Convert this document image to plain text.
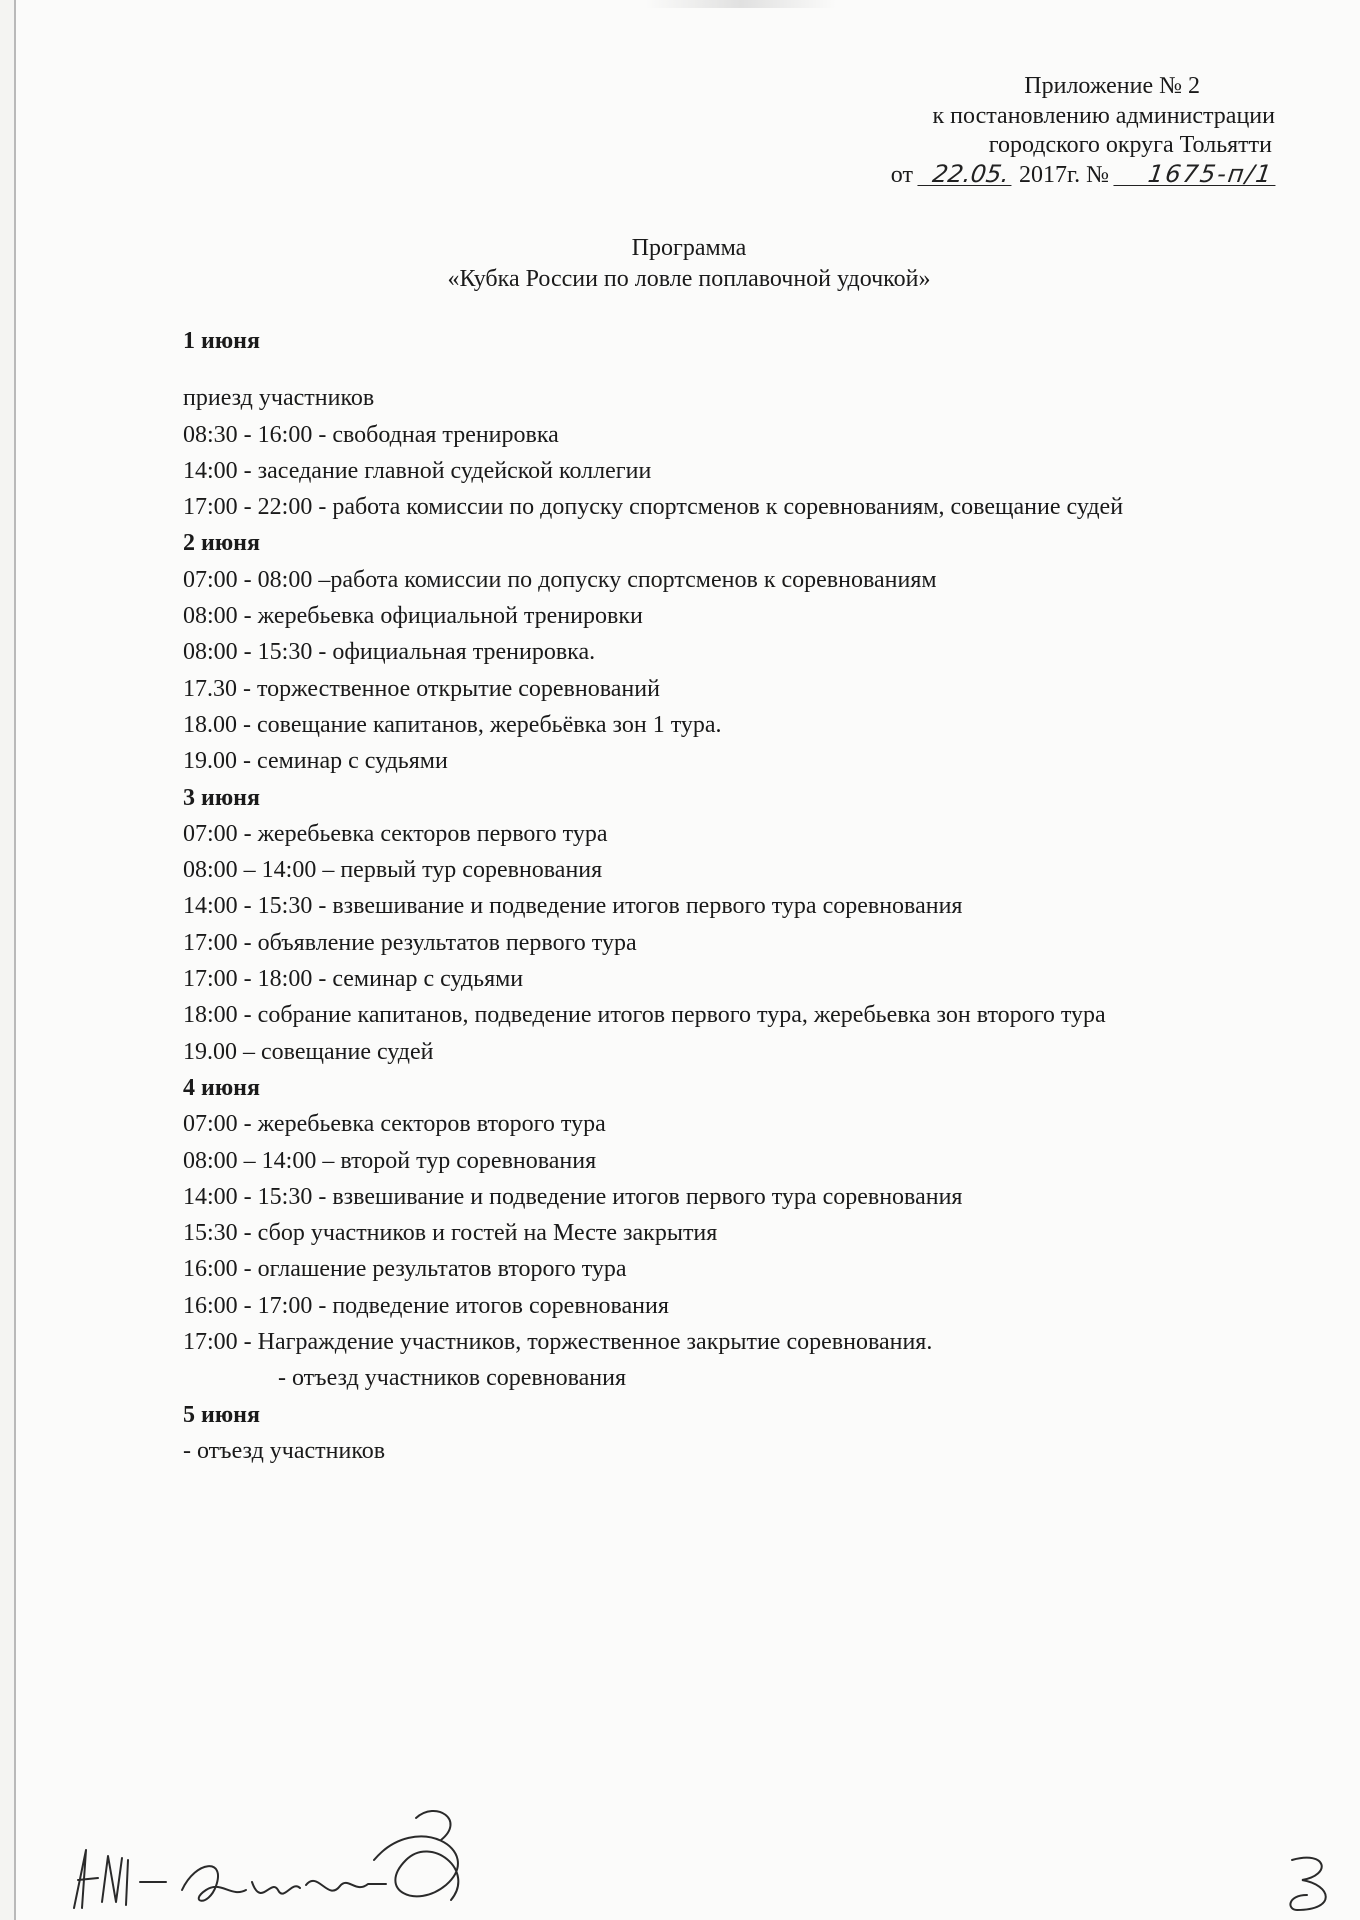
Приложение № 2
к постановлению администрации
городского округа Тольятти
от 22.05. 2017г. № 1675-п/1
Программа
«Кубка России по ловле поплавочной удочкой»
1 июня
приезд участников
08:30 - 16:00 - свободная тренировка
14:00 - заседание главной судейской коллегии
17:00 - 22:00 - работа комиссии по допуску спортсменов к соревнованиям, совещание судей
2 июня
07:00 - 08:00 –работа комиссии по допуску спортсменов к соревнованиям
08:00 - жеребьевка официальной тренировки
08:00 - 15:30 - официальная тренировка.
17.30 - торжественное открытие соревнований
18.00 - совещание капитанов, жеребьёвка зон 1 тура.
19.00 - семинар с судьями
3 июня
07:00 - жеребьевка секторов первого тура
08:00 – 14:00 – первый тур соревнования
14:00 - 15:30 - взвешивание и подведение итогов первого тура соревнования
17:00 - объявление результатов первого тура
17:00 - 18:00 - семинар с судьями
18:00 - собрание капитанов, подведение итогов первого тура, жеребьевка зон второго тура
19.00 – совещание судей
4 июня
07:00 - жеребьевка секторов второго тура
08:00 – 14:00 – второй тур соревнования
14:00 - 15:30 - взвешивание и подведение итогов первого тура соревнования
15:30 - сбор участников и гостей на Месте закрытия
16:00 - оглашение результатов второго тура
16:00 - 17:00 - подведение итогов соревнования
17:00 - Награждение участников, торжественное закрытие соревнования.
- отъезд участников соревнования
5 июня
- отъезд участников
